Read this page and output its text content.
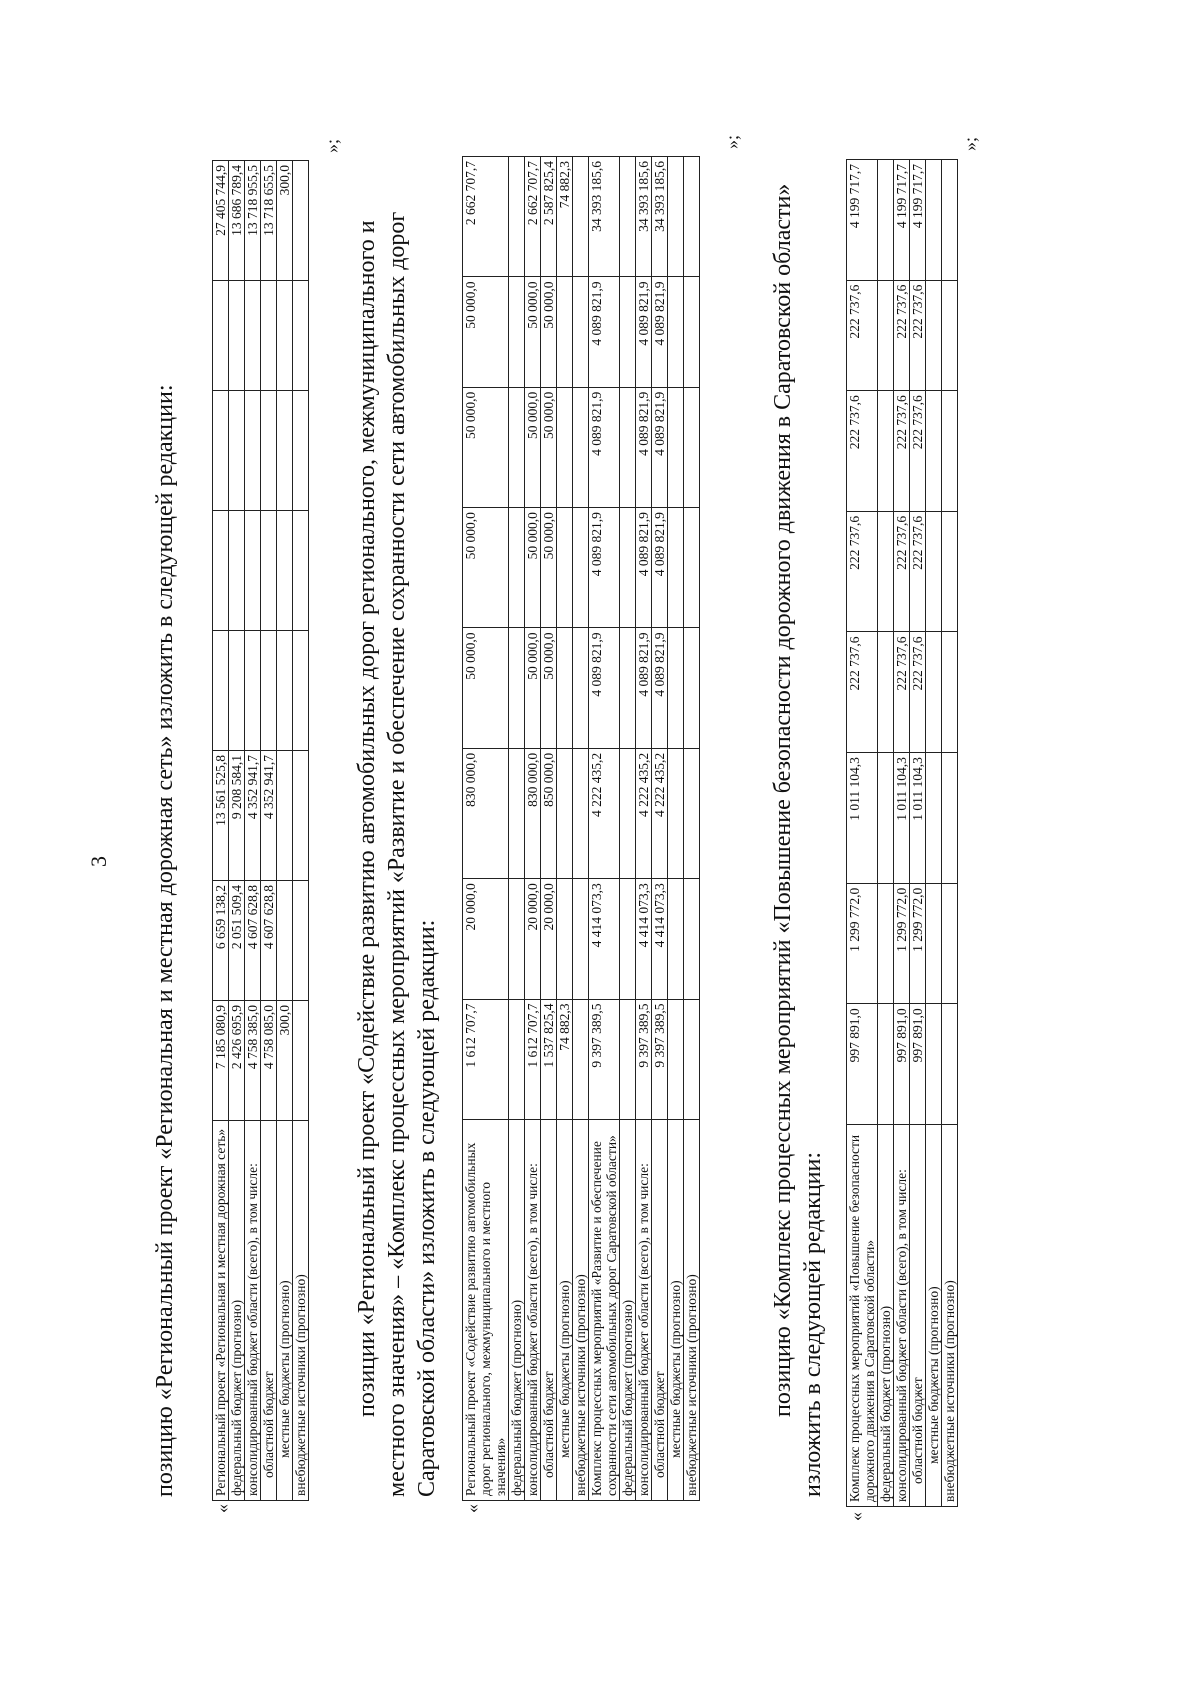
3 позицию «Региональный проект «Региональная и местная дорожная сеть» изложить в следующей редакции:

«
Региональный проект «Региональная и местная дорожная сеть»	7 185 080,9	6 659 138,2	13 561 525,8					27 405 744,9
федеральный бюджет (прогнозно)	2 426 695,9	2 051 509,4	9 208 584,1					13 686 789,4
консолидированный бюджет области (всего), в том числе:	4 758 385,0	4 607 628,8	4 352 941,7					13 718 955,5
областной бюджет	4 758 085,0	4 607 628,8	4 352 941,7					13 718 655,5
местные бюджеты (прогнозно)	300,0							300,0
внебюджетные источники (прогнозно)								
»;

позиции «Региональный проект «Содействие развитию автомобильных дорог регионального, межмуниципального и местного значения» – «Комплекс процессных мероприятий «Развитие и обеспечение сохранности сети автомобильных дорог Саратовской области» изложить в следующей редакции:

«
Региональный проект «Содействие развитию автомобильных дорог регионального, межмуниципального и местного значения»	1 612 707,7	20 000,0	830 000,0	50 000,0	50 000,0	50 000,0	50 000,0	2 662 707,7
федеральный бюджет (прогнозно)								
консолидированный бюджет области (всего), в том числе:	1 612 707,7	20 000,0	830 000,0	50 000,0	50 000,0	50 000,0	50 000,0	2 662 707,7
областной бюджет	1 537 825,4	20 000,0	850 000,0	50 000,0	50 000,0	50 000,0	50 000,0	2 587 825,4
местные бюджеты (прогнозно)	74 882,3							74 882,3
внебюджетные источники (прогнозно)								
Комплекс процессных мероприятий «Развитие и обеспечение сохранности сети автомобильных дорог Саратовской области»	9 397 389,5	4 414 073,3	4 222 435,2	4 089 821,9	4 089 821,9	4 089 821,9	4 089 821,9	34 393 185,6
федеральный бюджет (прогнозно)								
консолидированный бюджет области (всего), в том числе:	9 397 389,5	4 414 073,3	4 222 435,2	4 089 821,9	4 089 821,9	4 089 821,9	4 089 821,9	34 393 185,6
областной бюджет	9 397 389,5	4 414 073,3	4 222 435,2	4 089 821,9	4 089 821,9	4 089 821,9	4 089 821,9	34 393 185,6
местные бюджеты (прогнозно)								
внебюджетные источники (прогнозно)								
»;

позицию «Комплекс процессных мероприятий «Повышение безопасности дорожного движения в Саратовской области» изложить в следующей редакции:

«
Комплекс процессных мероприятий «Повышение безопасности дорожного движения в Саратовской области»	997 891,0	1 299 772,0	1 011 104,3	222 737,6	222 737,6	222 737,6	222 737,6	4 199 717,7
федеральный бюджет (прогнозно)								
консолидированный бюджет области (всего), в том числе:	997 891,0	1 299 772,0	1 011 104,3	222 737,6	222 737,6	222 737,6	222 737,6	4 199 717,7
областной бюджет	997 891,0	1 299 772,0	1 011 104,3	222 737,6	222 737,6	222 737,6	222 737,6	4 199 717,7
местные бюджеты (прогнозно)								
внебюджетные источники (прогнозно)								
»;
